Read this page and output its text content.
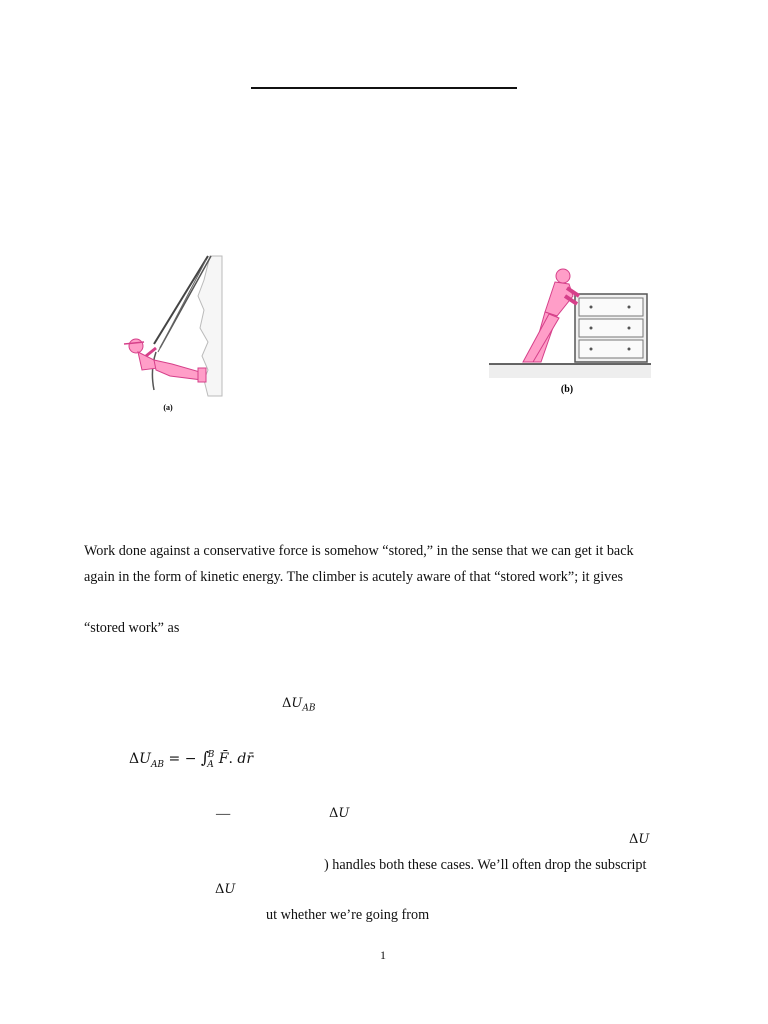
(a)
(b)
Work done against a conservative force is somehow “stored,” in the sense that we can get it back
again in the form of kinetic energy. The climber is acutely aware of that “stored work”; it gives
“stored work” as
$\Delta U_{AB}$
$\Delta U_{AB}$ = − $\int_A^B$ F̄. dr̄
—	ΔU
ΔU
) handles both these cases. We’ll often drop the subscript
ΔU
ut whether we’re going from
1
